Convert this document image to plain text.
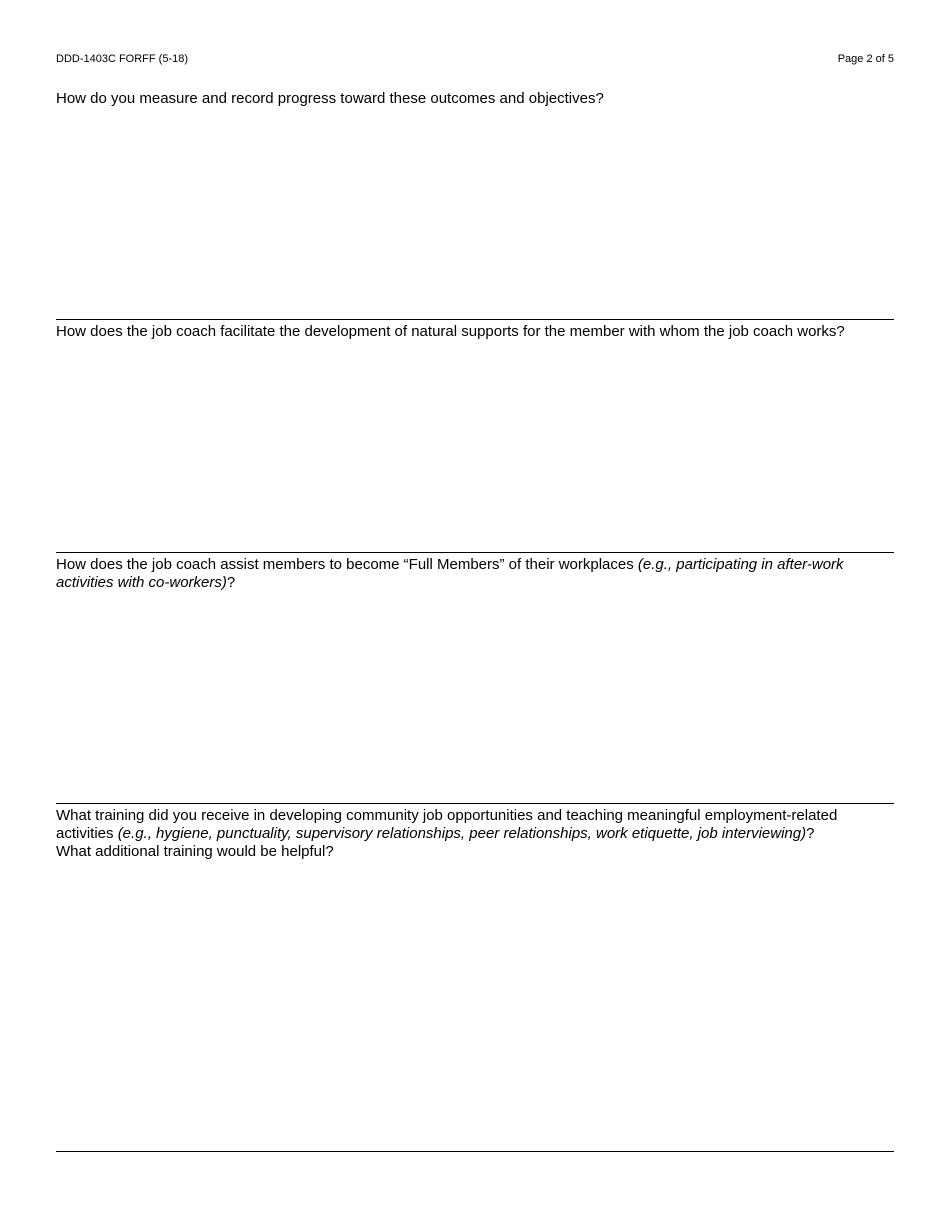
DDD-1403C FORFF (5-18)	Page 2 of 5
How do you measure and record progress toward these outcomes and objectives?
How does the job coach facilitate the development of natural supports for the member with whom the job coach works?
How does the job coach assist members to become “Full Members” of their workplaces (e.g., participating in after-work activities with co-workers)?
What training did you receive in developing community job opportunities and teaching meaningful employment-related activities (e.g., hygiene, punctuality, supervisory relationships, peer relationships, work etiquette, job interviewing)?
What additional training would be helpful?
